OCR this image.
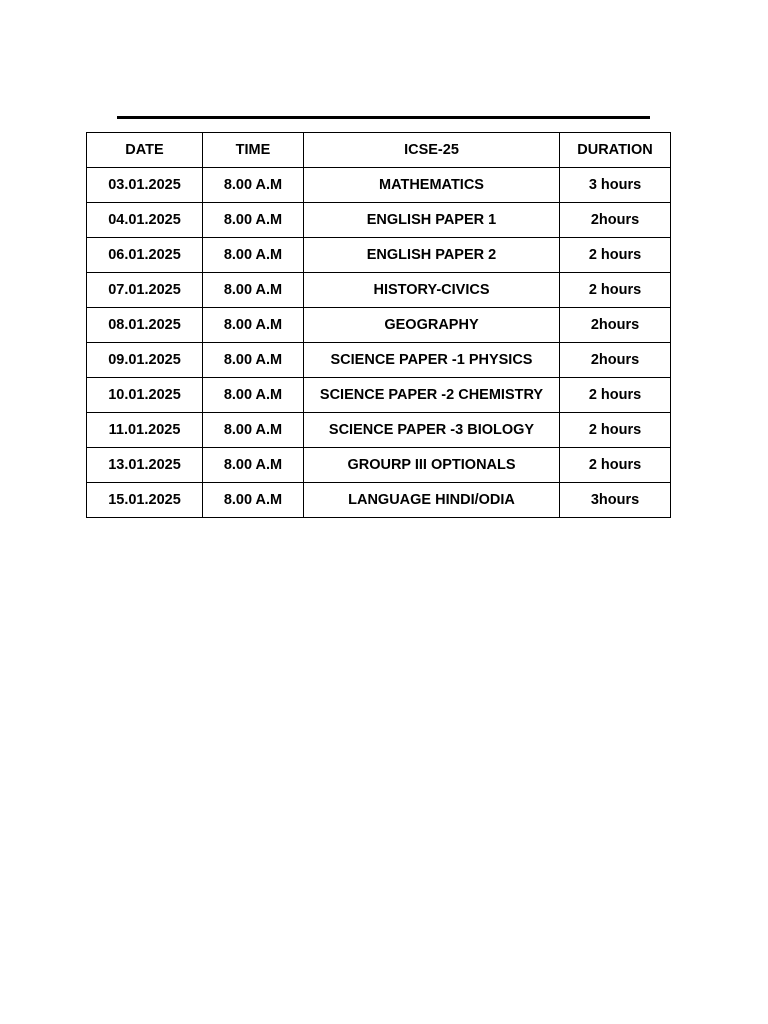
DATE	TIME	ICSE-25	DURATION
03.01.2025	8.00 A.M	MATHEMATICS	3 hours
04.01.2025	8.00 A.M	ENGLISH PAPER 1	2hours
06.01.2025	8.00 A.M	ENGLISH PAPER 2	2 hours
07.01.2025	8.00 A.M	HISTORY-CIVICS	2 hours
08.01.2025	8.00 A.M	GEOGRAPHY	2hours
09.01.2025	8.00 A.M	SCIENCE PAPER -1 PHYSICS	2hours
10.01.2025	8.00 A.M	SCIENCE PAPER -2 CHEMISTRY	2 hours
11.01.2025	8.00 A.M	SCIENCE PAPER -3 BIOLOGY	2 hours
13.01.2025	8.00 A.M	GROURP III OPTIONALS	2 hours
15.01.2025	8.00 A.M	LANGUAGE HINDI/ODIA	3hours
